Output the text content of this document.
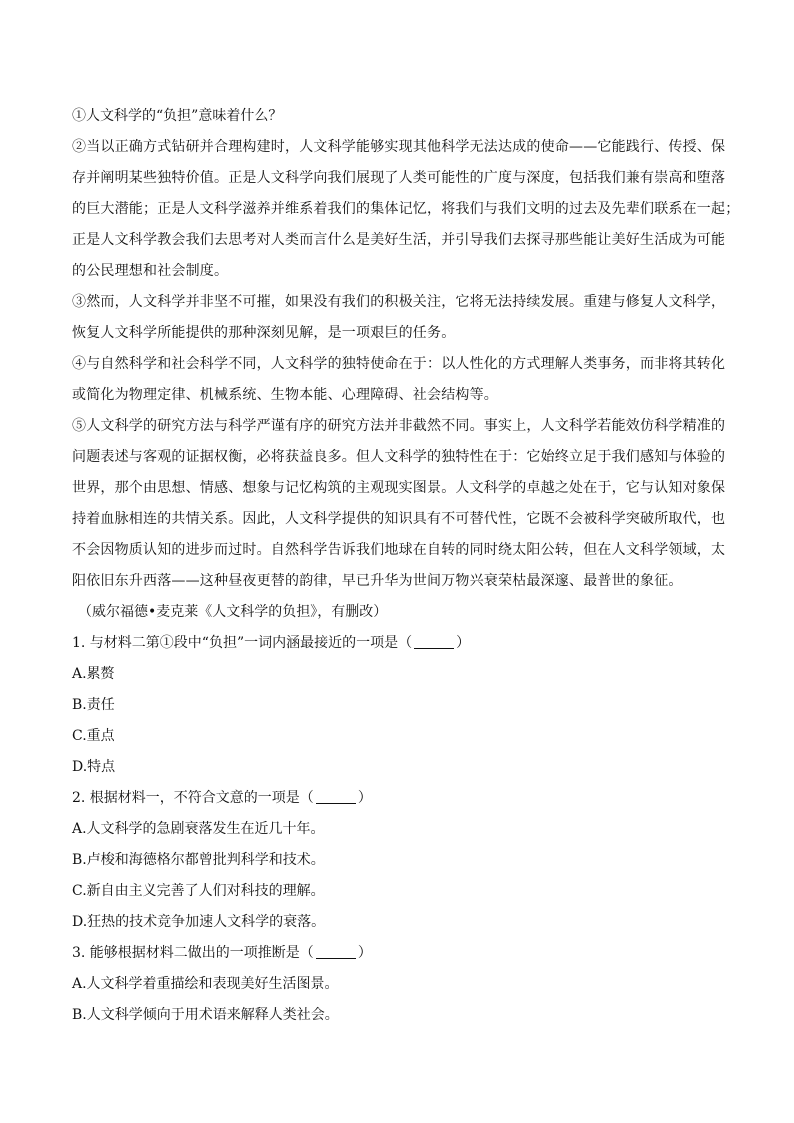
①人文科学的“负担”意味着什么？
②当以正确方式钻研并合理构建时，人文科学能够实现其他科学无法达成的使命——它能践行、传授、保
存并阐明某些独特价值。正是人文科学向我们展现了人类可能性的广度与深度，包括我们兼有崇高和堕落
的巨大潜能；正是人文科学滋养并维系着我们的集体记忆，将我们与我们文明的过去及先辈们联系在一起；
正是人文科学教会我们去思考对人类而言什么是美好生活，并引导我们去探寻那些能让美好生活成为可能
的公民理想和社会制度。
③然而，人文科学并非坚不可摧，如果没有我们的积极关注，它将无法持续发展。重建与修复人文科学，
恢复人文科学所能提供的那种深刻见解，是一项艰巨的任务。
④与自然科学和社会科学不同，人文科学的独特使命在于：以人性化的方式理解人类事务，而非将其转化
或简化为物理定律、机械系统、生物本能、心理障碍、社会结构等。
⑤人文科学的研究方法与科学严谨有序的研究方法并非截然不同。事实上，人文科学若能效仿科学精准的
问题表述与客观的证据权衡，必将获益良多。但人文科学的独特性在于：它始终立足于我们感知与体验的
世界，那个由思想、情感、想象与记忆构筑的主观现实图景。人文科学的卓越之处在于，它与认知对象保
持着血脉相连的共情关系。因此，人文科学提供的知识具有不可替代性，它既不会被科学突破所取代，也
不会因物质认知的进步而过时。自然科学告诉我们地球在自转的同时绕太阳公转，但在人文科学领域，太
阳依旧东升西落——这种昼夜更替的韵律，早已升华为世间万物兴衰荣枯最深邃、最普世的象征。
（威尔福德•麦克莱《人文科学的负担》，有删改）
1. 与材料二第①段中“负担”一词内涵最接近的一项是（	）
A.累赘
B.责任
C.重点
D.特点
2. 根据材料一，不符合文意的一项是（	）
A.人文科学的急剧衰落发生在近几十年。
B.卢梭和海德格尔都曾批判科学和技术。
C.新自由主义完善了人们对科技的理解。
D.狂热的技术竞争加速人文科学的衰落。
3. 能够根据材料二做出的一项推断是（	）
A.人文科学着重描绘和表现美好生活图景。
B.人文科学倾向于用术语来解释人类社会。
